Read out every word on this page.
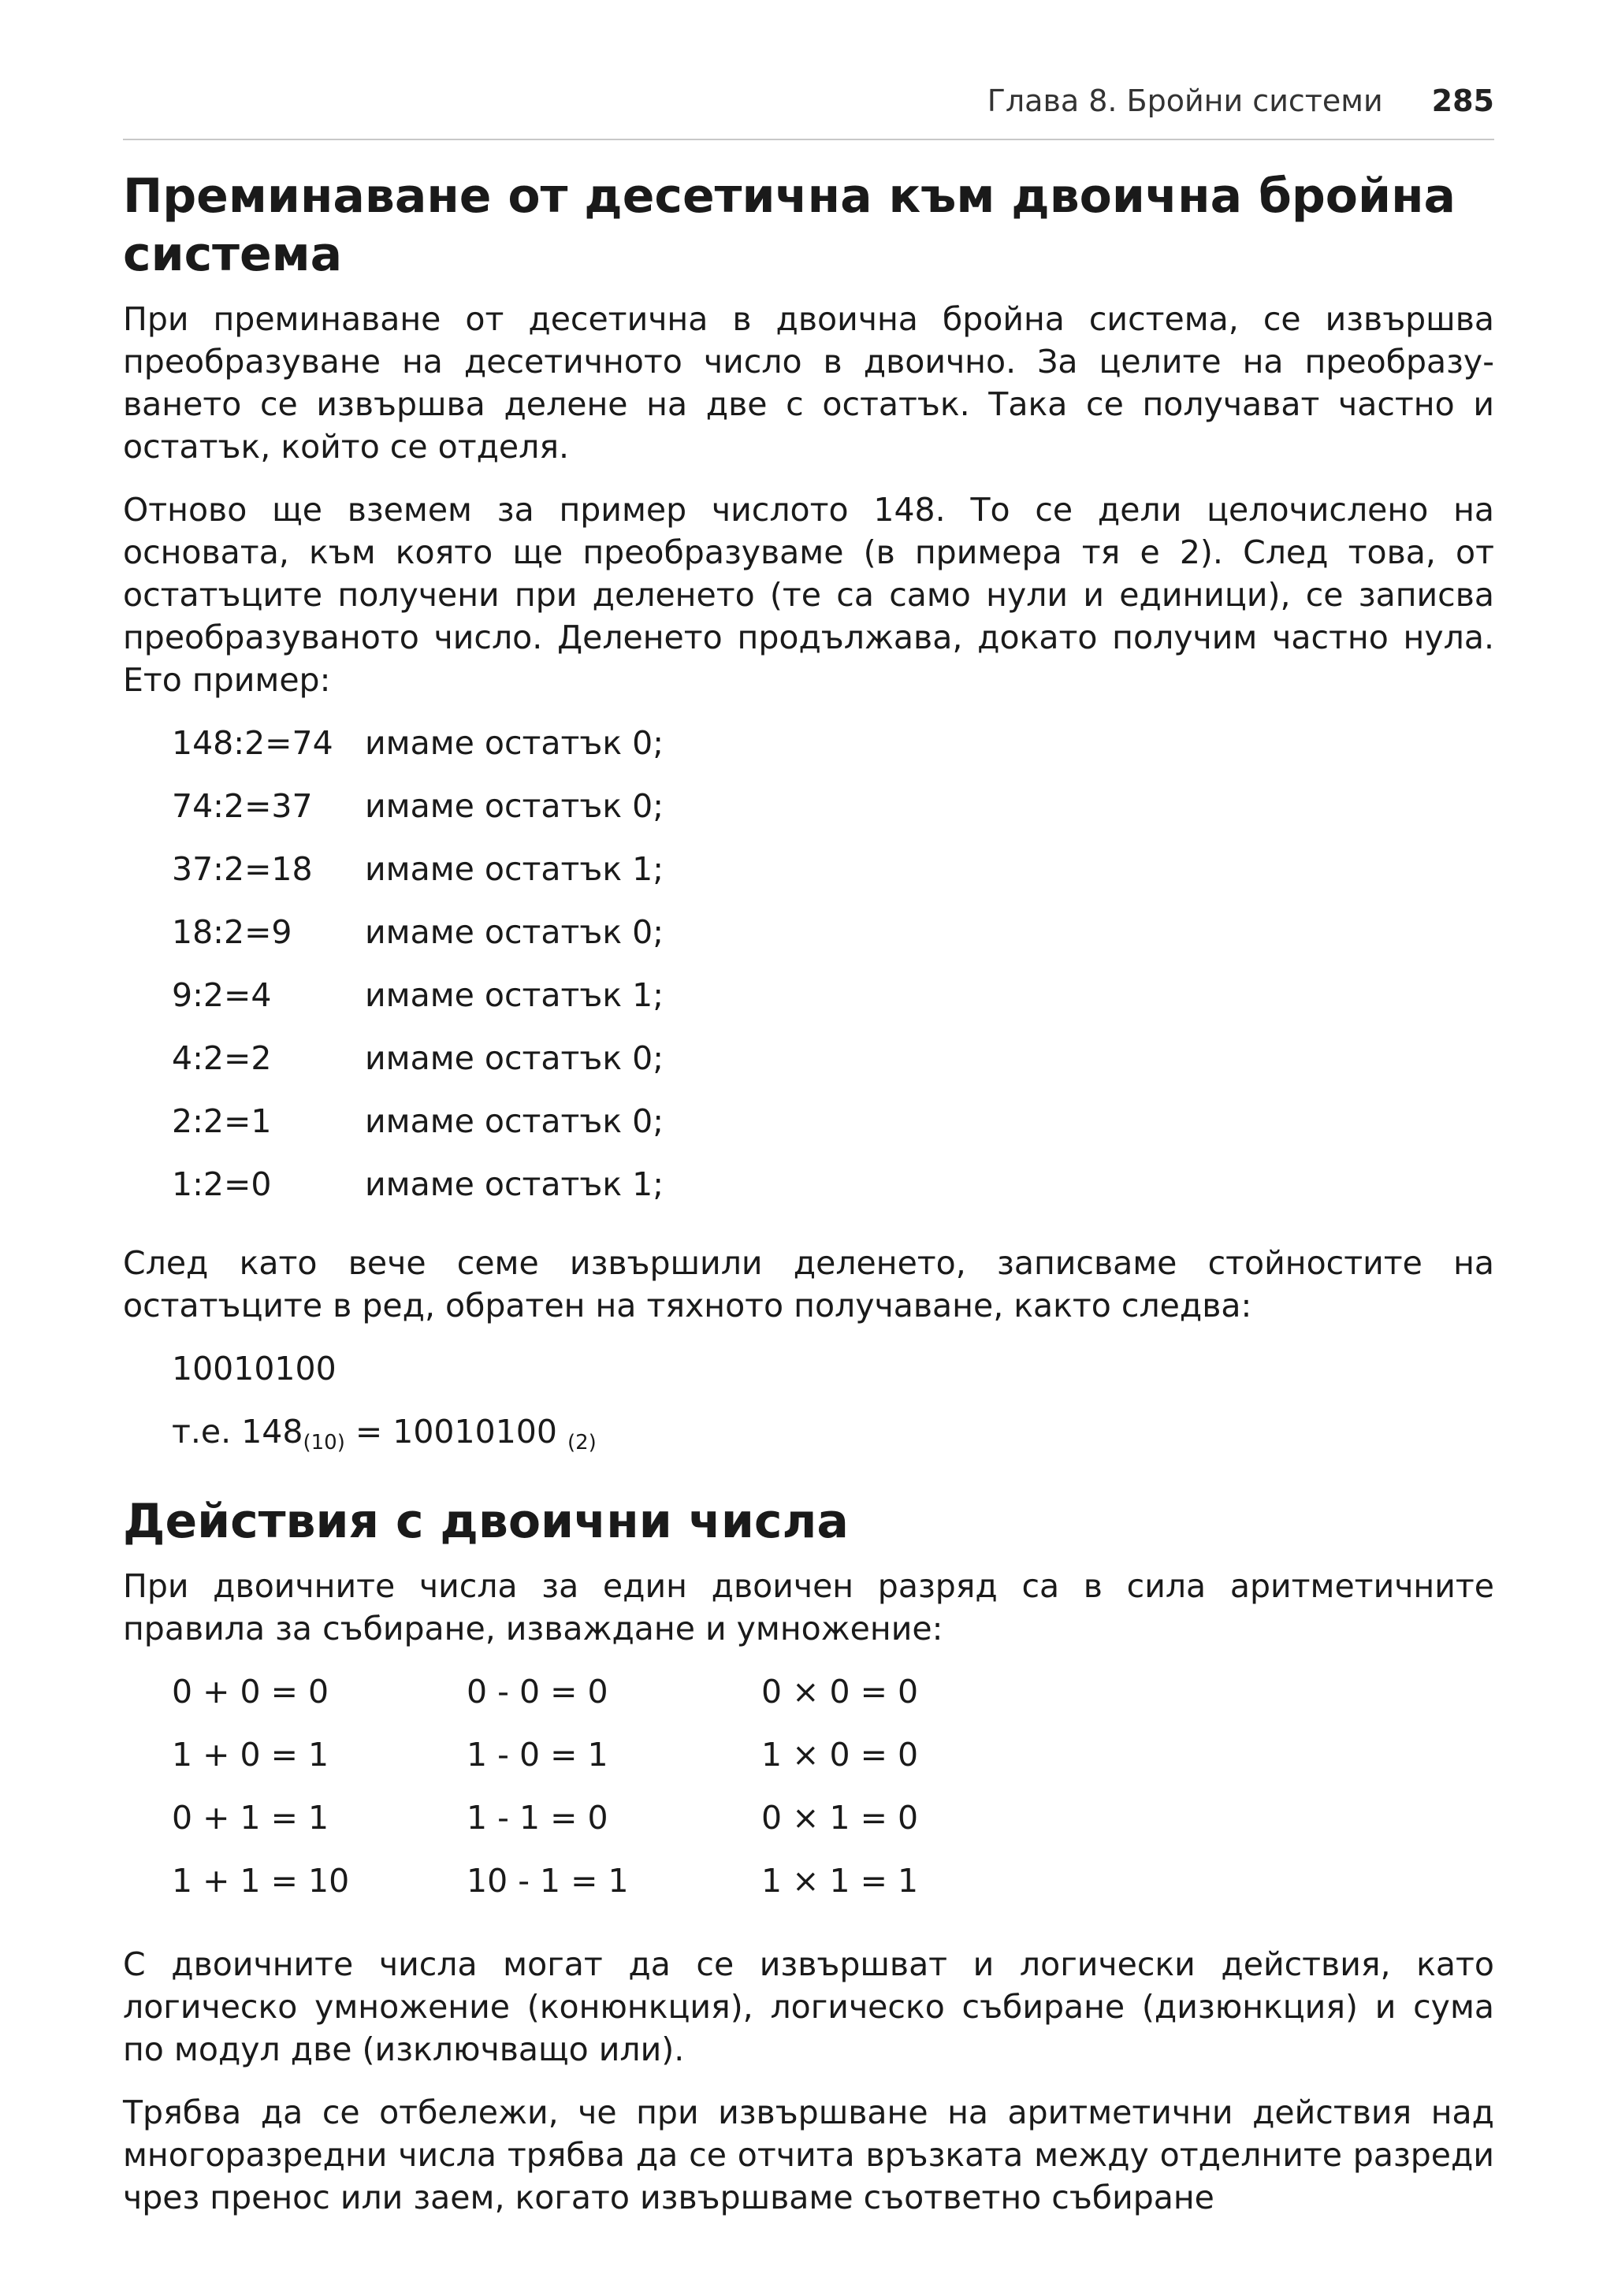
Глава 8. Бройни системи 285
Преминаване от десетична към двоична бройна система

При преминаване от десетична в двоична бройна система, се извършва преобразуване на десетичното число в двоично. За целите на преобразу-ването се извършва делене на две с остатък. Така се получават частно и остатък, който се отделя.

Отново ще вземем за пример числото 148. То се дели целочислено на основата, към която ще преобразуваме (в примера тя е 2). След това, от остатъците получени при деленето (те са само нули и единици), се записва преобразуваното число. Деленето продължава, докато получим частно нула. Ето пример:

148:2=74 имаме остатък 0;
74:2=37	имаме остатък 0;
37:2=18	имаме остатък 1;
18:2=9	имаме остатък 0;
9:2=4	имаме остатък 1;
4:2=2	имаме остатък 0;
2:2=1	имаме остатък 0;
1:2=0	имаме остатък 1;

След като вече семе извършили деленето, записваме стойностите на остатъците в ред, обратен на тяхното получаване, както следва:

10010100
т.е. $148_{(10)} = 10010100$ $_{(2)}$
Действия с двоични числа

При двоичните числа за един двоичен разряд са в сила аритметичните правила за събиране, изваждане и умножение:

0 + 0 = 0	0 - 0 = 0	0 × 0 = 0
1 + 0 = 1	1 - 0 = 1	1 × 0 = 0
0 + 1 = 1	1 - 1 = 0	0 × 1 = 0
1 + 1 = 10	10 - 1 = 1	1 × 1 = 1

С двоичните числа могат да се извършват и логически действия, като логическо умножение (конюнкция), логическо събиране (дизюнкция) и сума по модул две (изключващо или).

Трябва да се отбележи, че при извършване на аритметични действия над многоразредни числа трябва да се отчита връзката между отделните разреди чрез пренос или заем, когато извършваме съответно събиране
